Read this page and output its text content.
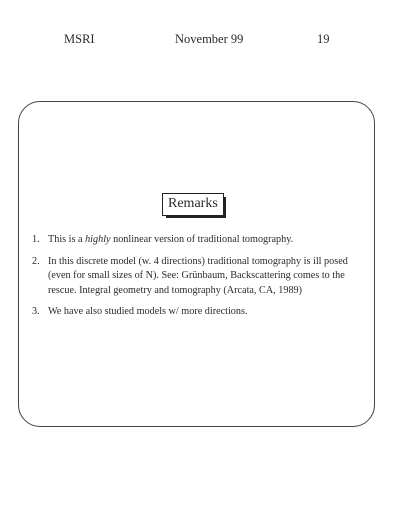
MSRI	November 99	19
Remarks
1. This is a highly nonlinear version of traditional tomography.
2. In this discrete model (w. 4 directions) traditional tomography is ill posed (even for small sizes of N). See: Grünbaum, Backscattering comes to the rescue. Integral geometry and tomography (Arcata, CA, 1989)
3. We have also studied models w/ more directions.
